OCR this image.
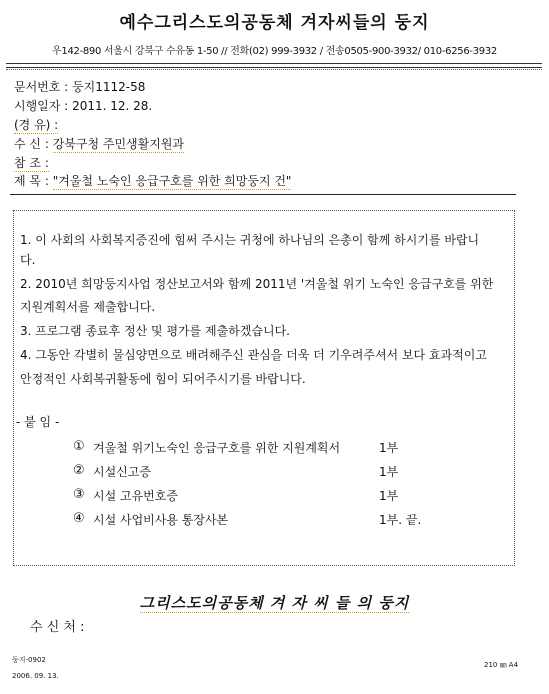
예수그리스도의공동체 겨자씨들의 둥지
우142-890 서울시 강북구 수유동 1-50 // 전화(02) 999-3932 / 전송0505-900-3932/ 010-6256-3932
문서번호 : 둥지1112-58
시행일자 : 2011. 12. 28.
(경 유) :
수 신 : 강북구청 주민생활지원과
참 조 :
제 목 : "겨울철 노숙인 응급구호를 위한 희망둥지 건"
1. 이 사회의 사회복지증진에 힘써 주시는 귀청에 하나님의 은총이 함께 하시기를 바랍니
다.
2. 2010년 희망둥지사업 정산보고서와 함께 2011년 '겨울철 위기 노숙인 응급구호를 위한
지원계획서를 제출합니다.
3. 프로그램 종료후 정산 및 평가를 제출하겠습니다.
4. 그동안 각별히 물심양면으로 배려해주신 관심을 더욱 더 기우려주셔서 보다 효과적이고
안정적인 사회복귀활동에 힘이 되어주시기를 바랍니다.
- 붙 임 -
① 겨울철 위기노숙인 응급구호를 위한 지원계획서	1부
② 시설신고증	1부
③ 시설 고유번호증	1부
④ 시설 사업비사용 통장사본	1부. 끝.
그리스도의공동체 겨 자 씨 들 의 둥지
수 신 처 :
둥지-0902
2006. 09. 13.
210 ㎜ A4
